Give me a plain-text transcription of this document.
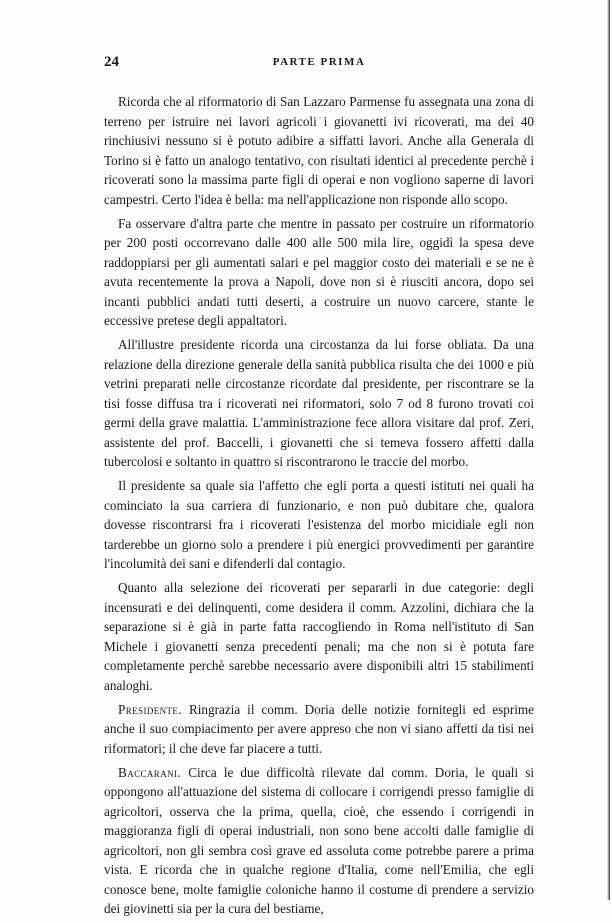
24	PARTE PRIMA

Ricorda che al riformatorio di San Lazzaro Parmense fu assegnata una zona di terreno per istruire nei lavori agricoli i giovanetti ivi ricoverati, ma dei 40 rinchiusivi nessuno si è potuto adibire a siffatti lavori. Anche alla Generala di Torino si è fatto un analogo tentativo, con risultati identici al precedente perchè i ricoverati sono la massima parte figli di operai e non vogliono saperne di lavori campestri. Certo l'idea è bella: ma nell'applicazione non risponde allo scopo.

Fa osservare d'altra parte che mentre in passato per costruire un riformatorio per 200 posti occorrevano dalle 400 alle 500 mila lire, oggidì la spesa deve raddoppiarsi per gli aumentati salari e pel maggior costo dei materiali e se ne è avuta recentemente la prova a Napoli, dove non si è riusciti ancora, dopo sei incanti pubblici andati tutti deserti, a costruire un nuovo carcere, stante le eccessive pretese degli appaltatori.

All'illustre presidente ricorda una circostanza da lui forse obliata. Da una relazione della direzione generale della sanità pubblica risulta che dei 1000 e più vetrini preparati nelle circostanze ricordate dal presidente, per riscontrare se la tisi fosse diffusa tra i ricoverati nei riformatori, solo 7 od 8 furono trovati coi germi della grave malattia. L'amministrazione fece allora visitare dal prof. Zeri, assistente del prof. Baccelli, i giovanetti che si temeva fossero affetti dalla tubercolosi e soltanto in quattro si riscontrarono le traccie del morbo.

Il presidente sa quale sia l'affetto che egli porta a questi istituti nei quali ha cominciato la sua carriera di funzionario, e non può dubitare che, qualora dovesse riscontrarsi fra i ricoverati l'esistenza del morbo micidiale egli non tarderebbe un giorno solo a prendere i più energici provvedimenti per garantire l'incolumità dei sani e difenderli dal contagio.

Quanto alla selezione dei ricoverati per separarli in due categorie: degli incensurati e dei delinquenti, come desidera il comm. Azzolini, dichiara che la separazione si è già in parte fatta raccogliendo in Roma nell'istituto di San Michele i giovanetti senza precedenti penali; ma che non si è potuta fare completamente perchè sarebbe necessario avere disponibili altri 15 stabilimenti analoghi.

Presidente. Ringrazia il comm. Doria delle notizie fornitegli ed esprime anche il suo compiacimento per avere appreso che non vi siano affetti da tisi nei riformatori; il che deve far piacere a tutti.

Baccarani. Circa le due difficoltà rilevate dal comm. Doria, le quali si oppongono all'attuazione del sistema di collocare i corrigendi presso famiglie di agricoltori, osserva che la prima, quella, cioè, che essendo i corrigendi in maggioranza figli di operai industriali, non sono bene accolti dalle famiglie di agricoltori, non gli sembra così grave ed assoluta come potrebbe parere a prima vista. E ricorda che in qualche regione d'Italia, come nell'Emilia, che egli conosce bene, molte famiglie coloniche hanno il costume di prendere a servizio dei giovinetti sia per la cura del bestiame,
